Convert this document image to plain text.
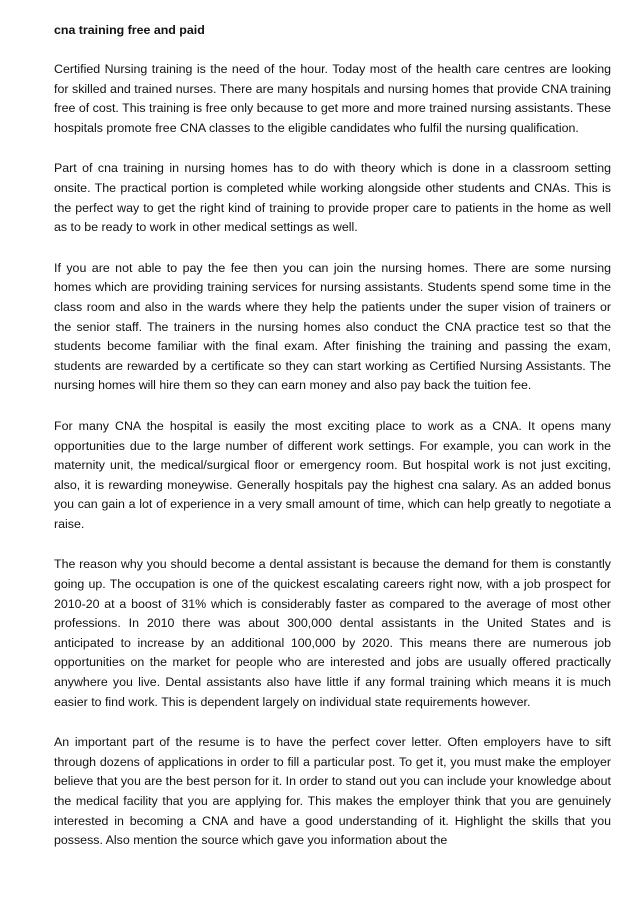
cna training free and paid

Certified Nursing training is the need of the hour. Today most of the health care centres are looking for skilled and trained nurses. There are many hospitals and nursing homes that provide CNA training free of cost. This training is free only because to get more and more trained nursing assistants. These hospitals promote free CNA classes to the eligible candidates who fulfil the nursing qualification.

Part of cna training in nursing homes has to do with theory which is done in a classroom setting onsite. The practical portion is completed while working alongside other students and CNAs. This is the perfect way to get the right kind of training to provide proper care to patients in the home as well as to be ready to work in other medical settings as well.

If you are not able to pay the fee then you can join the nursing homes. There are some nursing homes which are providing training services for nursing assistants. Students spend some time in the class room and also in the wards where they help the patients under the super vision of trainers or the senior staff. The trainers in the nursing homes also conduct the CNA practice test so that the students become familiar with the final exam. After finishing the training and passing the exam, students are rewarded by a certificate so they can start working as Certified Nursing Assistants. The nursing homes will hire them so they can earn money and also pay back the tuition fee.

For many CNA the hospital is easily the most exciting place to work as a CNA. It opens many opportunities due to the large number of different work settings. For example, you can work in the maternity unit, the medical/surgical floor or emergency room. But hospital work is not just exciting, also, it is rewarding moneywise. Generally hospitals pay the highest cna salary. As an added bonus you can gain a lot of experience in a very small amount of time, which can help greatly to negotiate a raise.

The reason why you should become a dental assistant is because the demand for them is constantly going up. The occupation is one of the quickest escalating careers right now, with a job prospect for 2010-20 at a boost of 31% which is considerably faster as compared to the average of most other professions. In 2010 there was about 300,000 dental assistants in the United States and is anticipated to increase by an additional 100,000 by 2020. This means there are numerous job opportunities on the market for people who are interested and jobs are usually offered practically anywhere you live. Dental assistants also have little if any formal training which means it is much easier to find work. This is dependent largely on individual state requirements however.

An important part of the resume is to have the perfect cover letter. Often employers have to sift through dozens of applications in order to fill a particular post. To get it, you must make the employer believe that you are the best person for it. In order to stand out you can include your knowledge about the medical facility that you are applying for. This makes the employer think that you are genuinely interested in becoming a CNA and have a good understanding of it. Highlight the skills that you possess. Also mention the source which gave you information about the
